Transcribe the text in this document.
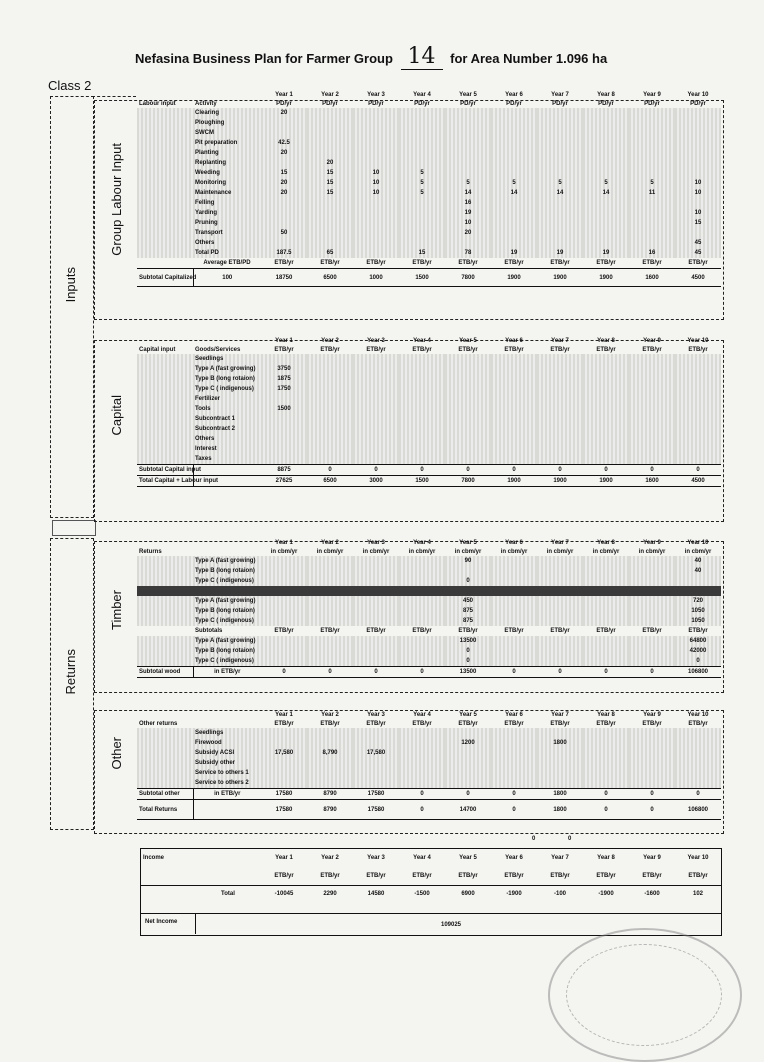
Nefasina Business Plan for Farmer Group 14 for Area Number 1.096 ha
Class 2
Inputs
Returns
Group Labour Input
Capital
Timber
Other
		Year 1	Year 2	Year 3	Year 4	Year 5	Year 6	Year 7	Year 8	Year 9	Year 10
Labour input	Activity	PD/yr	PD/yr	PD/yr	PD/yr	PD/yr	PD/yr	PD/yr	PD/yr	PD/yr	PD/yr
	Clearing	20									
	Ploughing										
	SWCM										
	Pit preparation	42.5									
	Planting	20									
	Replanting		20								
	Weeding	15	15	10	5						
	Monitoring	20	15	10	5	5	5	5	5	5	10
	Maintenance	20	15	10	5	14	14	14	14	11	10
	Felling					16					
	Yarding					19					10
	Pruning					10					15
	Transport	50				20					
	Others										45
	Total PD	187.5	65		15	78	19	19	19	16	45
	Average ETB/PD	ETB/yr	ETB/yr	ETB/yr	ETB/yr	ETB/yr	ETB/yr	ETB/yr	ETB/yr	ETB/yr	ETB/yr
Subtotal Capitalized	100	18750	6500	1000	1500	7800	1900	1900	1900	1600	4500
		Year 1	Year 2	Year 3	Year 4	Year 5	Year 6	Year 7	Year 8	Year 9	Year 10
Capital input	Goods/Services	ETB/yr	ETB/yr	ETB/yr	ETB/yr	ETB/yr	ETB/yr	ETB/yr	ETB/yr	ETB/yr	ETB/yr
	Seedlings										
	Type A (fast growing)	3750									
	Type B (long rotaion)	1875									
	Type C ( indigenous)	1750									
	Fertilizer										
	Tools	1500									
	Subcontract 1										
	Subcontract 2										
	Others										
	Interest										
	Taxes										
Subtotal Capital input		8875	0	0	0	0	0	0	0	0	0
Total Capital + Labour input		27625	6500	3000	1500	7800	1900	1900	1900	1600	4500
		Year 1	Year 2	Year 3	Year 4	Year 5	Year 6	Year 7	Year 8	Year 9	Year 10
Returns		in cbm/yr	in cbm/yr	in cbm/yr	in cbm/yr	in cbm/yr	in cbm/yr	in cbm/yr	in cbm/yr	in cbm/yr	in cbm/yr
	Type A (fast growing)					90					40
	Type B (long rotaion)										40
	Type C ( indigenous)					0					

	Type A (fast growing)					450					720
	Type B (long rotaion)					875					1050
	Type C ( indigenous)					875					1050
	Subtotals	ETB/yr	ETB/yr	ETB/yr	ETB/yr	ETB/yr	ETB/yr	ETB/yr	ETB/yr	ETB/yr	ETB/yr
	Type A (fast growing)					13500					64800
	Type B (long rotaion)					0					42000
	Type C ( indigenous)					0					0
Subtotal wood	in ETB/yr	0	0	0	0	13500	0	0	0	0	106800
		Year 1	Year 2	Year 3	Year 4	Year 5	Year 6	Year 7	Year 8	Year 9	Year 10
Other returns		ETB/yr	ETB/yr	ETB/yr	ETB/yr	ETB/yr	ETB/yr	ETB/yr	ETB/yr	ETB/yr	ETB/yr
	Seedlings										
	Firewood					1200		1800			
	Subsidy ACSI	17,580	8,790	17,580							
	Subsidy other										
	Service to others 1										
	Service to others 2										
Subtotal other	in ETB/yr	17580	8790	17580	0	0	0	1800	0	0	0
Total Returns		17580	8790	17580	0	14700	0	1800	0	0	106800
Income		Year 1	Year 2	Year 3	Year 4	Year 5	Year 6	Year 7	Year 8	Year 9	Year 10
		ETB/yr	ETB/yr	ETB/yr	ETB/yr	ETB/yr	ETB/yr	ETB/yr	ETB/yr	ETB/yr	ETB/yr
	Total	-10045	2290	14580	-1500	6900	-1900	-100	-1900	-1600	102
Net Income	109025
0	0
